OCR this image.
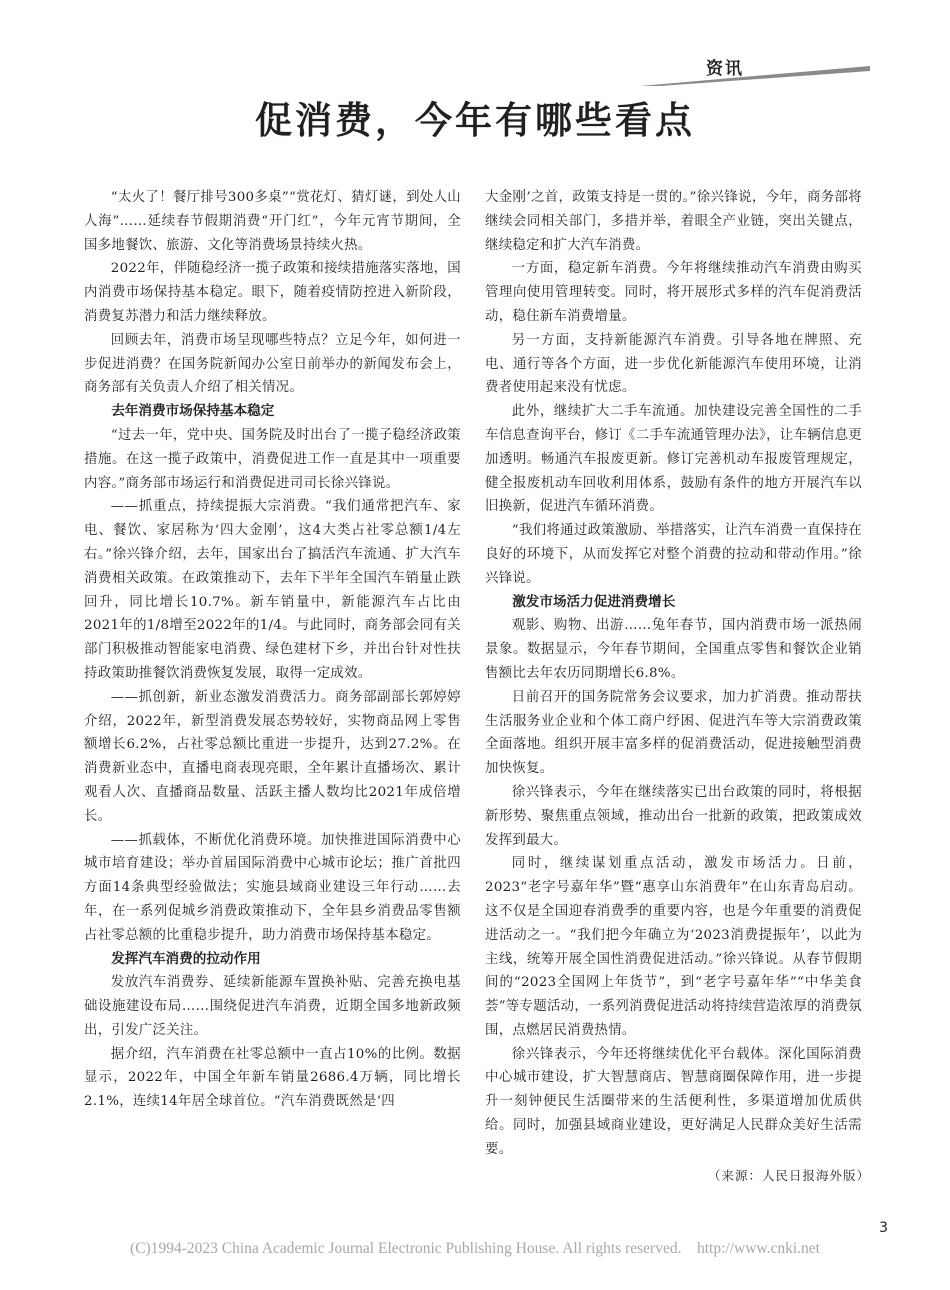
资讯
促消费，今年有哪些看点

“太火了！餐厅排号300多桌”“赏花灯、猜灯谜，到处人山人海”……延续春节假期消费“开门红”，今年元宵节期间，全国多地餐饮、旅游、文化等消费场景持续火热。

2022年，伴随稳经济一揽子政策和接续措施落实落地，国内消费市场保持基本稳定。眼下，随着疫情防控进入新阶段，消费复苏潜力和活力继续释放。

回顾去年，消费市场呈现哪些特点？立足今年，如何进一步促进消费？在国务院新闻办公室日前举办的新闻发布会上，商务部有关负责人介绍了相关情况。

去年消费市场保持基本稳定

“过去一年，党中央、国务院及时出台了一揽子稳经济政策措施。在这一揽子政策中，消费促进工作一直是其中一项重要内容。”商务部市场运行和消费促进司司长徐兴锋说。

——抓重点，持续提振大宗消费。“我们通常把汽车、家电、餐饮、家居称为‘四大金刚’，这4大类占社零总额1/4左右。”徐兴锋介绍，去年，国家出台了搞活汽车流通、扩大汽车消费相关政策。在政策推动下，去年下半年全国汽车销量止跌回升，同比增长10.7%。新车销量中，新能源汽车占比由2021年的1/8增至2022年的1/4。与此同时，商务部会同有关部门积极推动智能家电消费、绿色建材下乡，并出台针对性扶持政策助推餐饮消费恢复发展，取得一定成效。

——抓创新，新业态激发消费活力。商务部副部长郭婷婷介绍，2022年，新型消费发展态势较好，实物商品网上零售额增长6.2%，占社零总额比重进一步提升，达到27.2%。在消费新业态中，直播电商表现亮眼，全年累计直播场次、累计观看人次、直播商品数量、活跃主播人数均比2021年成倍增长。

——抓载体，不断优化消费环境。加快推进国际消费中心城市培育建设；举办首届国际消费中心城市论坛；推广首批四方面14条典型经验做法；实施县域商业建设三年行动……去年，在一系列促城乡消费政策推动下，全年县乡消费品零售额占社零总额的比重稳步提升，助力消费市场保持基本稳定。

发挥汽车消费的拉动作用

发放汽车消费券、延续新能源车置换补贴、完善充换电基础设施建设布局……围绕促进汽车消费，近期全国多地新政频出，引发广泛关注。

据介绍，汽车消费在社零总额中一直占10%的比例。数据显示，2022年，中国全年新车销量2686.4万辆，同比增长2.1%，连续14年居全球首位。“汽车消费既然是‘四

大金刚’之首，政策支持是一贯的。”徐兴锋说，今年，商务部将继续会同相关部门，多措并举，着眼全产业链，突出关键点，继续稳定和扩大汽车消费。

一方面，稳定新车消费。今年将继续推动汽车消费由购买管理向使用管理转变。同时，将开展形式多样的汽车促消费活动，稳住新车消费增量。

另一方面，支持新能源汽车消费。引导各地在牌照、充电、通行等各个方面，进一步优化新能源汽车使用环境，让消费者使用起来没有忧虑。

此外，继续扩大二手车流通。加快建设完善全国性的二手车信息查询平台，修订《二手车流通管理办法》，让车辆信息更加透明。畅通汽车报废更新。修订完善机动车报废管理规定，健全报废机动车回收利用体系，鼓励有条件的地方开展汽车以旧换新，促进汽车循环消费。

“我们将通过政策激励、举措落实，让汽车消费一直保持在良好的环境下，从而发挥它对整个消费的拉动和带动作用。”徐兴锋说。

激发市场活力促进消费增长

观影、购物、出游……兔年春节，国内消费市场一派热闹景象。数据显示，今年春节期间，全国重点零售和餐饮企业销售额比去年农历同期增长6.8%。

日前召开的国务院常务会议要求，加力扩消费。推动帮扶生活服务业企业和个体工商户纾困、促进汽车等大宗消费政策全面落地。组织开展丰富多样的促消费活动，促进接触型消费加快恢复。

徐兴锋表示，今年在继续落实已出台政策的同时，将根据新形势、聚焦重点领域，推动出台一批新的政策，把政策成效发挥到最大。

同时，继续谋划重点活动，激发市场活力。日前，2023“老字号嘉年华”暨“惠享山东消费年”在山东青岛启动。这不仅是全国迎春消费季的重要内容，也是今年重要的消费促进活动之一。“我们把今年确立为‘2023消费提振年’，以此为主线，统筹开展全国性消费促进活动。”徐兴锋说。从春节假期间的“2023全国网上年货节”，到“老字号嘉年华”“中华美食荟”等专题活动，一系列消费促进活动将持续营造浓厚的消费氛围，点燃居民消费热情。

徐兴锋表示，今年还将继续优化平台载体。深化国际消费中心城市建设，扩大智慧商店、智慧商圈保障作用，进一步提升一刻钟便民生活圈带来的生活便利性，多渠道增加优质供给。同时，加强县域商业建设，更好满足人民群众美好生活需要。

（来源：人民日报海外版）
3
(C)1994-2023 China Academic Journal Electronic Publishing House. All rights reserved.    http://www.cnki.net
